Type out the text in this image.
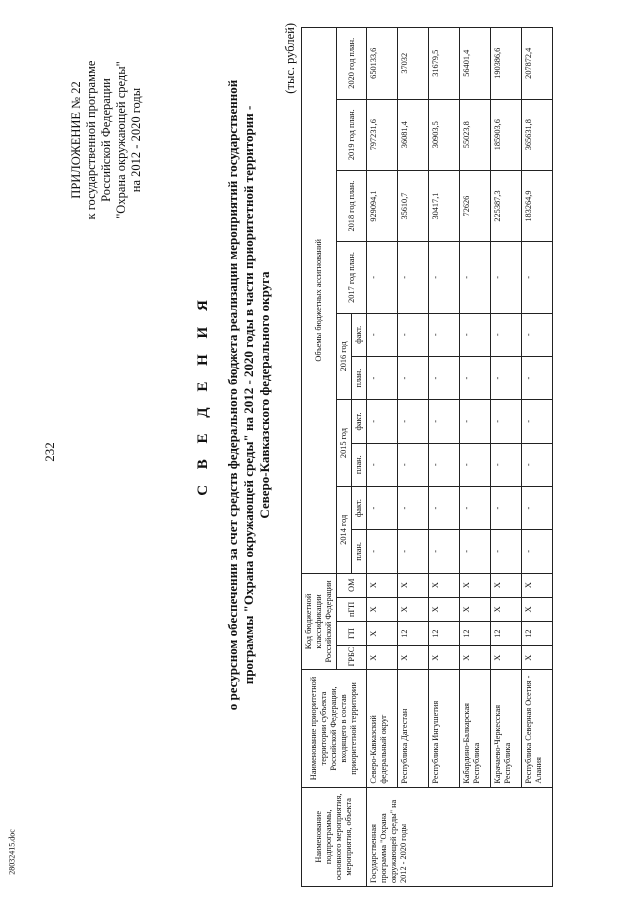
232
28032415.doc
ПРИЛОЖЕНИЕ № 22 к государственной программе Российской Федерации "Охрана окружающей среды" на 2012 - 2020 годы
С В Е Д Е Н И Я о ресурсном обеспечении за счет средств федерального бюджета реализации мероприятий государственной программы "Охрана окружающей среды" на 2012 - 2020 годы в части приоритетной территории - Северо-Кавказского федерального округа
(тыс. рублей)
Наименование подпрограммы, основного мероприятия, мероприятия, объекта	Наименование приоритетной территории субъекта Российской Федерации, входящего в состав приоритетной территории	Код бюджетной классификации Российской Федерации				Объемы бюджетных ассигнований									
		ГРБС	ГП	пГП	ОМ	2014 год		2015 год		2016 год		2017 год план.	2018 год план.	2019 год план.	2020 год план.
						план.	факт.	план.	факт.	план.	факт.				
Государственная программа "Охрана окружающей среды" на 2012 - 2020 годы	Северо-Кавказский федеральный округ	X	X	X	X	-	-	-	-	-	-	-	929094,1	797231,6	650133,6
	Республика Дагестан	X	12	X	X	-	-	-	-	-	-	-	35610,7	36081,4	37032
	Республика Ингушетия	X	12	X	X	-	-	-	-	-	-	-	30417,1	30903,5	31679,5
	Кабардино-Балкарская Республика	X	12	X	X	-	-	-	-	-	-	-	72626	55023,8	56401,4
	Карачаево-Черкесская Республика	X	12	X	X	-	-	-	-	-	-	-	225387,3	185903,6	190386,6
	Республика Северная Осетия - Алания	X	12	X	X	-	-	-	-	-	-	-	183264,9	365631,8	207872,4
